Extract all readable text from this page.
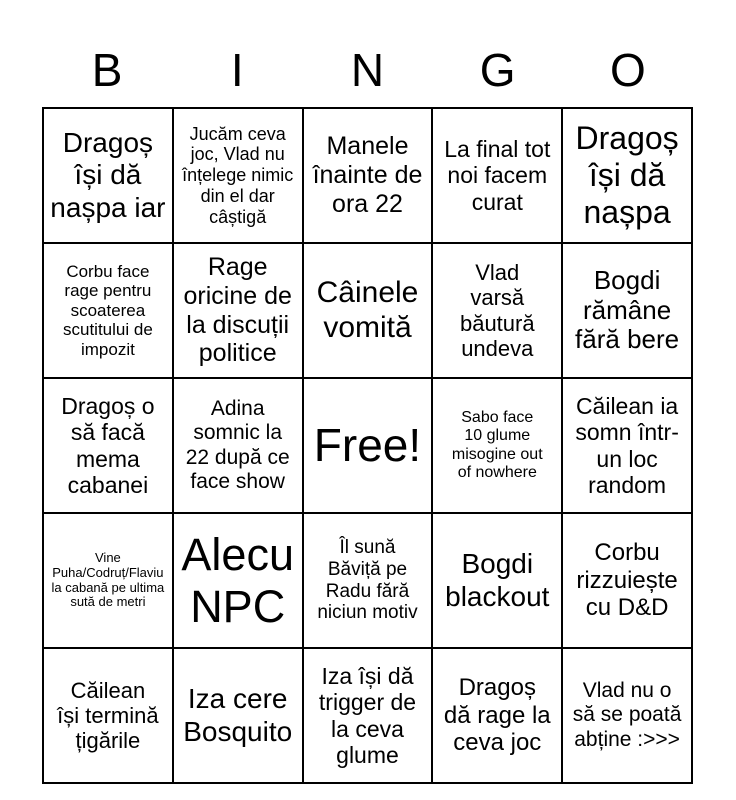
B	I	N	G	O
Dragoș își dă nașpa iar	Jucăm ceva joc, Vlad nu înțelege nimic din el dar câștigă	Manele înainte de ora 22	La final tot noi facem curat	Dragoș își dă nașpa

Corbu face rage pentru scoaterea scutitului de impozit	Rage oricine de la discuții politice	Câinele vomită	Vlad varsă băutură undeva	Bogdi rămâne fără bere

Dragoș o să facă mema cabanei	Adina somnic la 22 după ce face show	Free!	Sabo face 10 glume misogine out of nowhere	Căilean ia somn într-un loc random

Vine Puha/Codruț/Flaviu la cabană pe ultima sută de metri	Alecu NPC	Îl sună Băviță pe Radu fără niciun motiv	Bogdi blackout	Corbu rizzuiește cu D&D

Căilean își termină țigările	Iza cere Bosquito	Iza își dă trigger de la ceva glume	Dragoș dă rage la ceva joc	Vlad nu o să se poată abține :>>>
